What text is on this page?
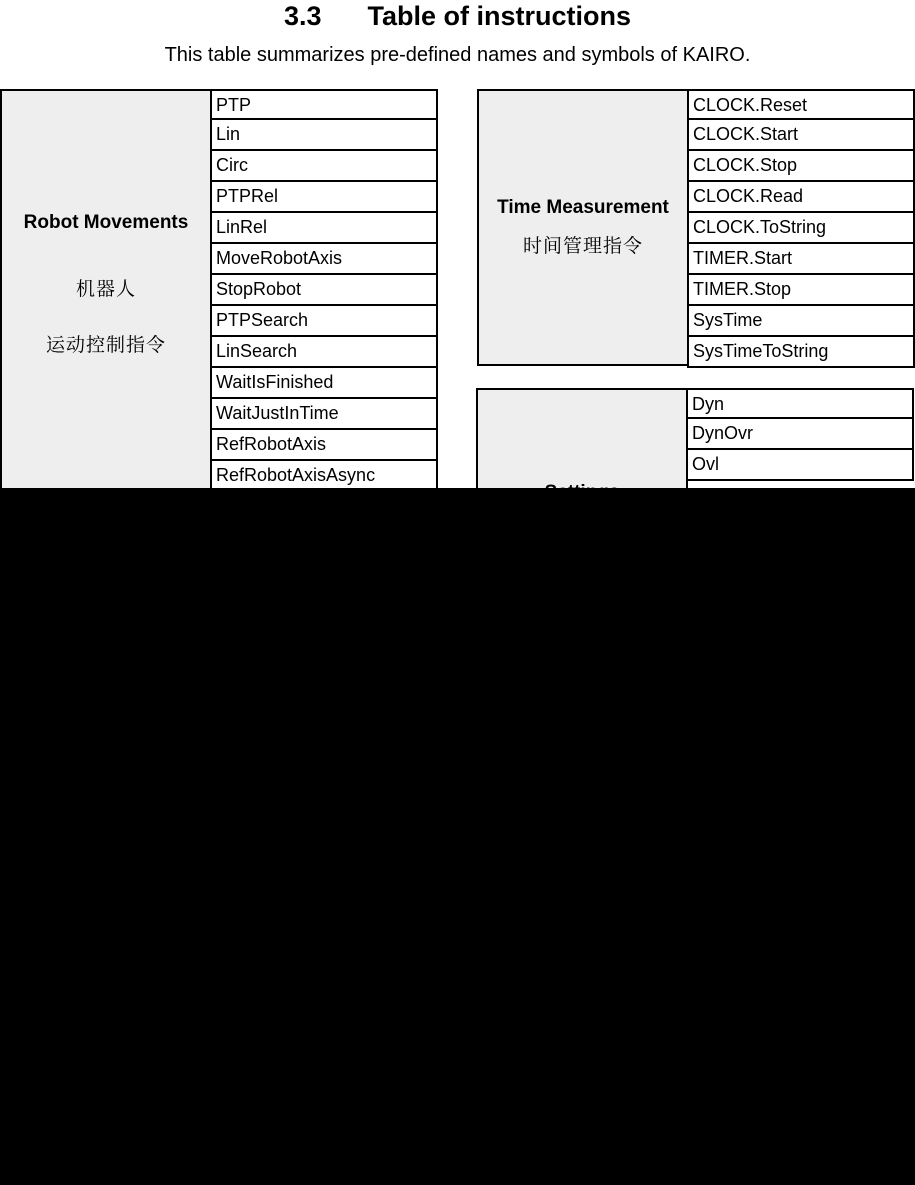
3.3 Table of instructions
This table summarizes pre-defined names and symbols of KAIRO.
Robot Movements

机器人

运动控制指令

PTP
Lin
Circ
PTPRel
LinRel
MoveRobotAxis
StopRobot
PTPSearch
LinSearch
WaitIsFinished
WaitJustInTime
RefRobotAxis
RefRobotAxisAsync
Time Measurement
时间管理指令
CLOCK.Reset
CLOCK.Start
CLOCK.Stop
CLOCK.Read
CLOCK.ToString
TIMER.Start
TIMER.Stop
SysTime
SysTimeToString
Dyn
DynOvr
Ovl
